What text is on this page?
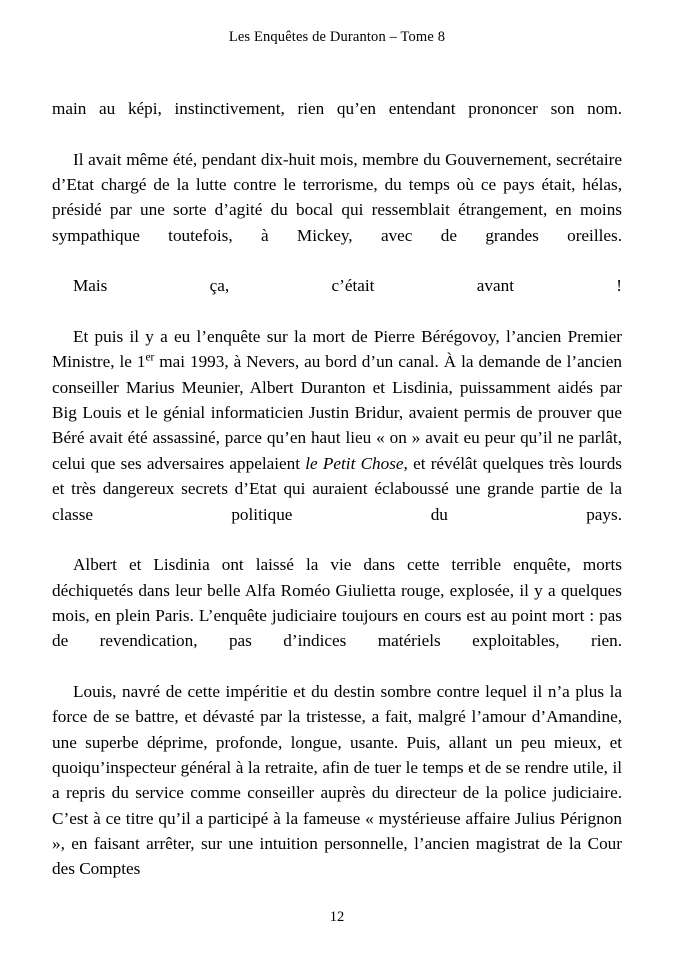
Les Enquêtes de Duranton – Tome 8

main au képi, instinctivement, rien qu’en entendant prononcer son nom.

Il avait même été, pendant dix-huit mois, membre du Gouvernement, secrétaire d’Etat chargé de la lutte contre le terrorisme, du temps où ce pays était, hélas, présidé par une sorte d’agité du bocal qui ressemblait étrangement, en moins sympathique toutefois, à Mickey, avec de grandes oreilles.

Mais ça, c’était avant !

Et puis il y a eu l’enquête sur la mort de Pierre Bérégovoy, l’ancien Premier Ministre, le 1er mai 1993, à Nevers, au bord d’un canal. À la demande de l’ancien conseiller Marius Meunier, Albert Duranton et Lisdinia, puissamment aidés par Big Louis et le génial informaticien Justin Bridur, avaient permis de prouver que Béré avait été assassiné, parce qu’en haut lieu « on » avait eu peur qu’il ne parlât, celui que ses adversaires appelaient le Petit Chose, et révélât quelques très lourds et très dangereux secrets d’Etat qui auraient éclaboussé une grande partie de la classe politique du pays.

Albert et Lisdinia ont laissé la vie dans cette terrible enquête, morts déchiquetés dans leur belle Alfa Roméo Giulietta rouge, explosée, il y a quelques mois, en plein Paris. L’enquête judiciaire toujours en cours est au point mort : pas de revendication, pas d’indices matériels exploitables, rien.

Louis, navré de cette impéritie et du destin sombre contre lequel il n’a plus la force de se battre, et dévasté par la tristesse, a fait, malgré l’amour d’Amandine, une superbe déprime, profonde, longue, usante. Puis, allant un peu mieux, et quoiqu’inspecteur général à la retraite, afin de tuer le temps et de se rendre utile, il a repris du service comme conseiller auprès du directeur de la police judiciaire. C’est à ce titre qu’il a participé à la fameuse « mystérieuse affaire Julius Pérignon », en faisant arrêter, sur une intuition personnelle, l’ancien magistrat de la Cour des Comptes

12
